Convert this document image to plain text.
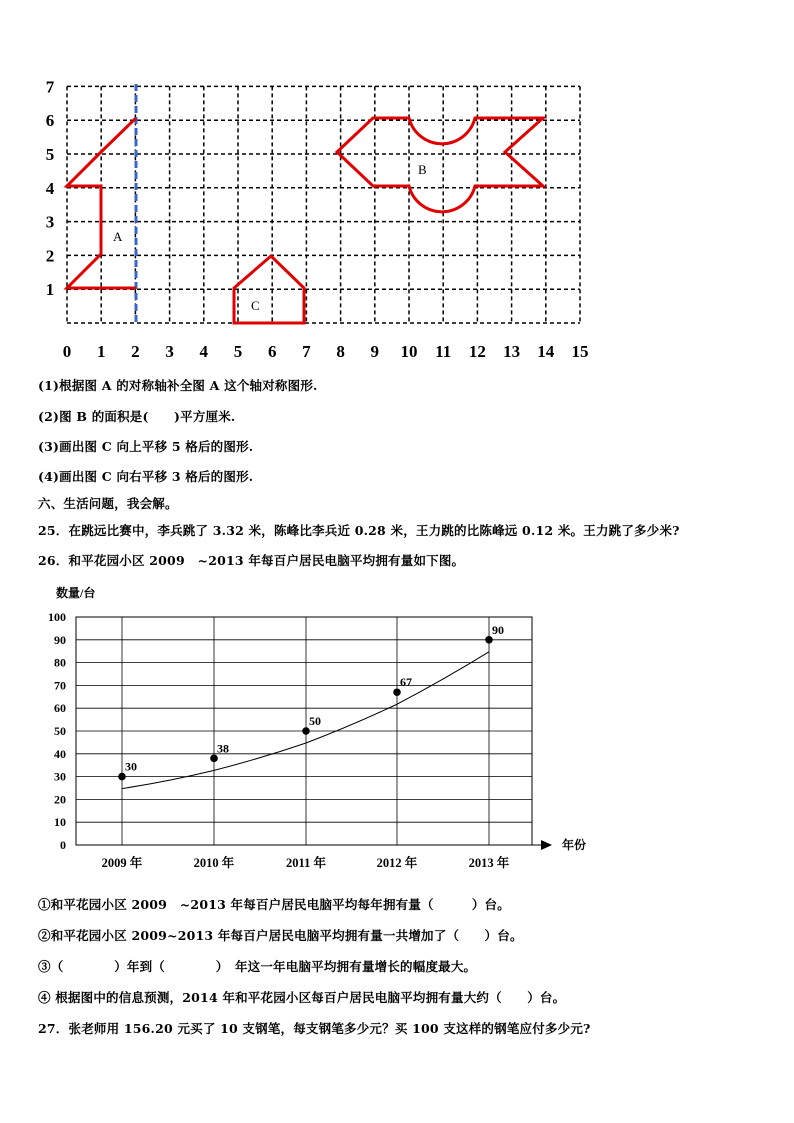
0 1 2 3 4 5 6 7 8 9 10 11 12 13 14 15
1
2
3
4
5
6
7
A
B
C
(1)根据图 A 的对称轴补全图 A 这个轴对称图形.
(2)图 B 的面积是(　　)平方厘米.
(3)画出图 C 向上平移 5 格后的图形.
(4)画出图 C 向右平移 3 格后的图形.
六、生活问题，我会解。
25．在跳远比赛中，李兵跳了 3.32 米，陈峰比李兵近 0.28 米，王力跳的比陈峰远 0.12 米。王力跳了多少米?
26．和平花园小区 2009　~2013 年每百户居民电脑平均拥有量如下图。
数量/台
0
10
20
30
40
50
60
70
80
90
100
2009 年	2010 年	2011 年	2012 年	2013 年
年份
30
38
50
67
90
①和平花园小区 2009　~2013 年每百户居民电脑平均每年拥有量（　　　）台。
②和平花园小区 2009~2013 年每百户居民电脑平均拥有量一共增加了（　　）台。
③（　　　　）年到（　　　　）　年这一年电脑平均拥有量增长的幅度最大。
④ 根据图中的信息预测，2014 年和平花园小区每百户居民电脑平均拥有量大约（　　）台。
27．张老师用 156.20 元买了 10 支钢笔，每支钢笔多少元？买 100 支这样的钢笔应付多少元?
